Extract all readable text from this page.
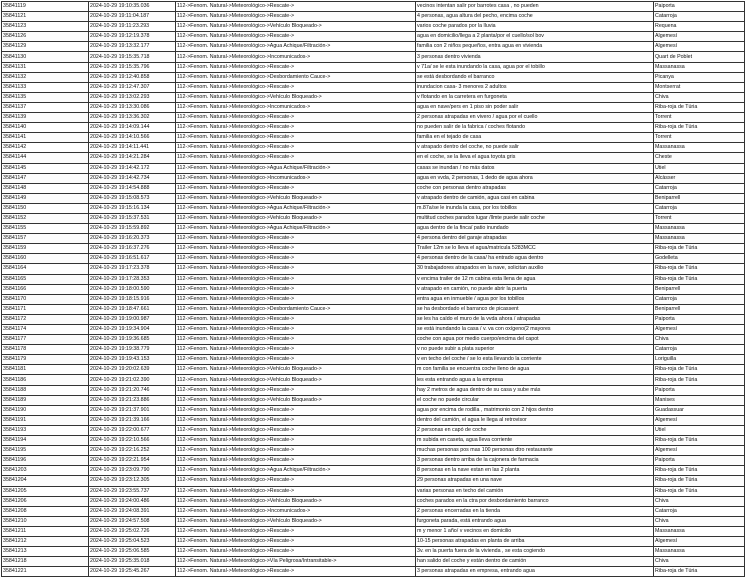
35841119	2024-10-29 19:10:35.036	112->Fenom. Natural->Meteorológico->Rescate->	vecinos intentan salir por barrotes casa , no pueden	Paiporta
35841121	2024-10-29 19:11:04.187	112->Fenom. Natural->Meteorológico->Rescate->	4 personas, agua altura del pecho, encima coche	Catarroja
35841123	2024-10-29 19:11:23.293	112->Fenom. Natural->Meteorológico->Vehículo Bloqueado->	varios coche parados por la lluvia	Requena
35841126	2024-10-29 19:12:19.378	112->Fenom. Natural->Meteorológico->Rescate->	agua en domicilio/llega a 2 planta/por el cuello/sol bov	Algemesí
35841129	2024-10-29 19:13:32.177	112->Fenom. Natural->Meteorológico->Agua Achique/Filtración->	familia con 2 niños pequeños, entra agua en vivienda	Algemesí
35841130	2024-10-29 19:15:35.718	112->Fenom. Natural->Meteorológico->Incomunicados->	3 personas dentro vivienda	Quart de Poblet
35841131	2024-10-29 19:15:35.796	112->Fenom. Natural->Meteorológico->Rescate->	v 71a/ se le esta inundando la casa, agua por el tobillo	Massanassa
35841132	2024-10-29 19:12:40.858	112->Fenom. Natural->Meteorológico->Desbordamiento Cauce->	se está desbordando el barranco	Picanya
35841133	2024-10-29 19:12:47.307	112->Fenom. Natural->Meteorológico->Rescate->	inundacion casa- 3 menores 2 adultos	Montserrat
35841135	2024-10-29 19:13:02.293	112->Fenom. Natural->Meteorológico->Vehículo Bloqueado->	v flotando en la carretera en furgoneta	Chiva
35841137	2024-10-29 19:13:30.086	112->Fenom. Natural->Meteorológico->Incomunicados->	agua en nave/pers en 1 piso sin poder salir	Riba-roja de Túria
35841139	2024-10-29 19:13:36.302	112->Fenom. Natural->Meteorológico->Rescate->	2 personas atrapadas en vivero / agua por el cuello	Torrent
35841140	2024-10-29 19:14:09.144	112->Fenom. Natural->Meteorológico->Rescate->	no pueden salir de la fabrica / coches flotando	Riba-roja de Túria
35841141	2024-10-29 19:14:10.566	112->Fenom. Natural->Meteorológico->Rescate->	familia en el tejado de casa	Torrent
35841142	2024-10-29 19:14:11.441	112->Fenom. Natural->Meteorológico->Rescate->	v atrapado dentro del coche, no puede salir	Massanassa
35841144	2024-10-29 19:14:21.284	112->Fenom. Natural->Meteorológico->Rescate->	en el coche, se la lleva el agua toyota gris	Cheste
35841145	2024-10-29 19:14:42.172	112->Fenom. Natural->Meteorológico->Agua Achique/Filtración->	casas se inundan / no más datos	Utiel
35841147	2024-10-29 19:14:42.734	112->Fenom. Natural->Meteorológico->Incomunicados->	agua en vvda, 2 personas, 1 dedo de agua ahora	Alcàsser
35841148	2024-10-29 19:14:54.888	112->Fenom. Natural->Meteorológico->Rescate->	coche con personas dentro atrapadas	Catarroja
35841149	2024-10-29 19:15:08.573	112->Fenom. Natural->Meteorológico->Vehículo Bloqueado->	v atrapado dentro de camión, agua casi en cabina	Beniparrell
35841150	2024-10-29 19:15:16.134	112->Fenom. Natural->Meteorológico->Agua Achique/Filtración->	m.87a/se le inunda la casa, por los tobillos	Catarroja
35841152	2024-10-29 19:15:37.531	112->Fenom. Natural->Meteorológico->Vehículo Bloqueado->	multitud coches parados lugar /llmte puede salir coche	Torrent
35841155	2024-10-29 19:15:59.892	112->Fenom. Natural->Meteorológico->Agua Achique/Filtración->	agua dentro de la finca/ patio inundado	Massanassa
35841157	2024-10-29 19:16:20.373	112->Fenom. Natural->Meteorológico->Rescate->	4 persona dentro del garaje atrapadas	Massanassa
35841159	2024-10-29 19:16:37.276	112->Fenom. Natural->Meteorológico->Rescate->	Trailer 12m se lo lleva el agua/matricula 5283MCC	Riba-roja de Túria
35841160	2024-10-29 19:16:51.617	112->Fenom. Natural->Meteorológico->Rescate->	4 personas dentro de la casa/ ha entrado agua dentro	Godelleta
35841164	2024-10-29 19:17:23.378	112->Fenom. Natural->Meteorológico->Rescate->	30 trabajadores atrapados en la nave, solicitan auxilio	Riba-roja de Túria
35841165	2024-10-29 19:17:28.353	112->Fenom. Natural->Meteorológico->Rescate->	v encima trailer de 12 m cabina esta llena de agua	Riba-roja de Túria
35841166	2024-10-29 19:18:00.590	112->Fenom. Natural->Meteorológico->Rescate->	v atrapado en camión, no puede abrir la puerta	Beniparrell
35841170	2024-10-29 19:18:15.916	112->Fenom. Natural->Meteorológico->Rescate->	entra agua en inmueble / agua por los tobillos	Catarroja
35841171	2024-10-29 19:18:47.661	112->Fenom. Natural->Meteorológico->Desbordamiento Cauce->	se ha desbordado el barranco de picassent	Beniparrell
35841172	2024-10-29 19:19:00.987	112->Fenom. Natural->Meteorológico->Rescate->	se les ha caído el muro de la vvda ahora / atrapadas	Paiporta
35841174	2024-10-29 19:19:34.904	112->Fenom. Natural->Meteorológico->Rescate->	se está inundando la casa / v. va con oxígeno(2 mayores	Algemesí
35841177	2024-10-29 19:19:36.685	112->Fenom. Natural->Meteorológico->Rescate->	coche con agua por medio cuerpo/encima del capot	Chiva
35841178	2024-10-29 19:19:38.779	112->Fenom. Natural->Meteorológico->Rescate->	v no puede subir a plata superior	Catarroja
35841179	2024-10-29 19:19:43.153	112->Fenom. Natural->Meteorológico->Rescate->	v en techo del coche / se lo esta llevando la corriente	Loriguilla
35841181	2024-10-29 19:20:02.639	112->Fenom. Natural->Meteorológico->Vehículo Bloqueado->	m con familia se encuentra coche lleno de agua	Riba-roja de Túria
35841186	2024-10-29 19:21:02.390	112->Fenom. Natural->Meteorológico->Vehículo Bloqueado->	les esta entrando agua a la empresa	Riba-roja de Túria
35841188	2024-10-29 19:21:20.746	112->Fenom. Natural->Meteorológico->Rescate->	hay 2 metros de agua dentro de su casa y sube más	Paiporta
35841189	2024-10-29 19:21:23.886	112->Fenom. Natural->Meteorológico->Vehículo Bloqueado->	el coche no puede circular	Manises
35841190	2024-10-29 19:21:37.901	112->Fenom. Natural->Meteorológico->Rescate->	agua por encima de rodilla , matrimonio con 2 hijos dentro	Guadassuar
35841191	2024-10-29 19:21:39.166	112->Fenom. Natural->Meteorológico->Rescate->	dentro del camión, el agua le llega al retrovisor	Algemesí
35841193	2024-10-29 19:22:00.677	112->Fenom. Natural->Meteorológico->Rescate->	2 personas en capó de coche	Utiel
35841194	2024-10-29 19:22:10.566	112->Fenom. Natural->Meteorológico->Rescate->	m subida en caseta, agua lleva corriente	Riba-roja de Túria
35841195	2024-10-29 19:22:16.252	112->Fenom. Natural->Meteorológico->Rescate->	muchas personas pos mas 100 personas dtro restaurante	Algemesí
35841196	2024-10-29 19:22:21.954	112->Fenom. Natural->Meteorológico->Rescate->	3 personas dentro arriba de la cajonera de farmacia	Paiporta
35841203	2024-10-29 19:23:09.790	112->Fenom. Natural->Meteorológico->Agua Achique/Filtración->	8 personas en la nave estan en las 2 planta	Riba-roja de Túria
35841204	2024-10-29 19:23:12.305	112->Fenom. Natural->Meteorológico->Rescate->	29 personas atrapadas en una nave	Riba-roja de Túria
35841205	2024-10-29 19:23:55.737	112->Fenom. Natural->Meteorológico->Rescate->	varias personas en techo del camión	Riba-roja de Túria
35841206	2024-10-29 19:24:00.486	112->Fenom. Natural->Meteorológico->Vehículo Bloqueado->	coches parados en la ctra por desbordamiento barranco	Chiva
35841208	2024-10-29 19:24:08.391	112->Fenom. Natural->Meteorológico->Incomunicados->	2 personas encerradas en la tienda	Catarroja
35841210	2024-10-29 19:24:57.508	112->Fenom. Natural->Meteorológico->Vehículo Bloqueado->	furgoneta parada, está entrando agua	Chiva
35841211	2024-10-29 19:25:02.726	112->Fenom. Natural->Meteorológico->Rescate->	m y menor 1 año/ v vecinos en domicilio	Massanassa
35841212	2024-10-29 19:25:04.523	112->Fenom. Natural->Meteorológico->Rescate->	10-15 personas atrapadas en planta de arriba	Algemesí
35841213	2024-10-29 19:25:06.585	112->Fenom. Natural->Meteorológico->Rescate->	3v. en la puerta fuera de la vivienda , se esta cogiendo	Massanassa
35841218	2024-10-29 19:25:35.018	112->Fenom. Natural->Meteorológico->Vía Peligrosa/Intransitable->	han salido del coche y están dentro de camión	Chiva
35841221	2024-10-29 19:25:45.267	112->Fenom. Natural->Meteorológico->Rescate->	3 personas atrapadas en empresa, entrando agua	Riba-roja de Túria
